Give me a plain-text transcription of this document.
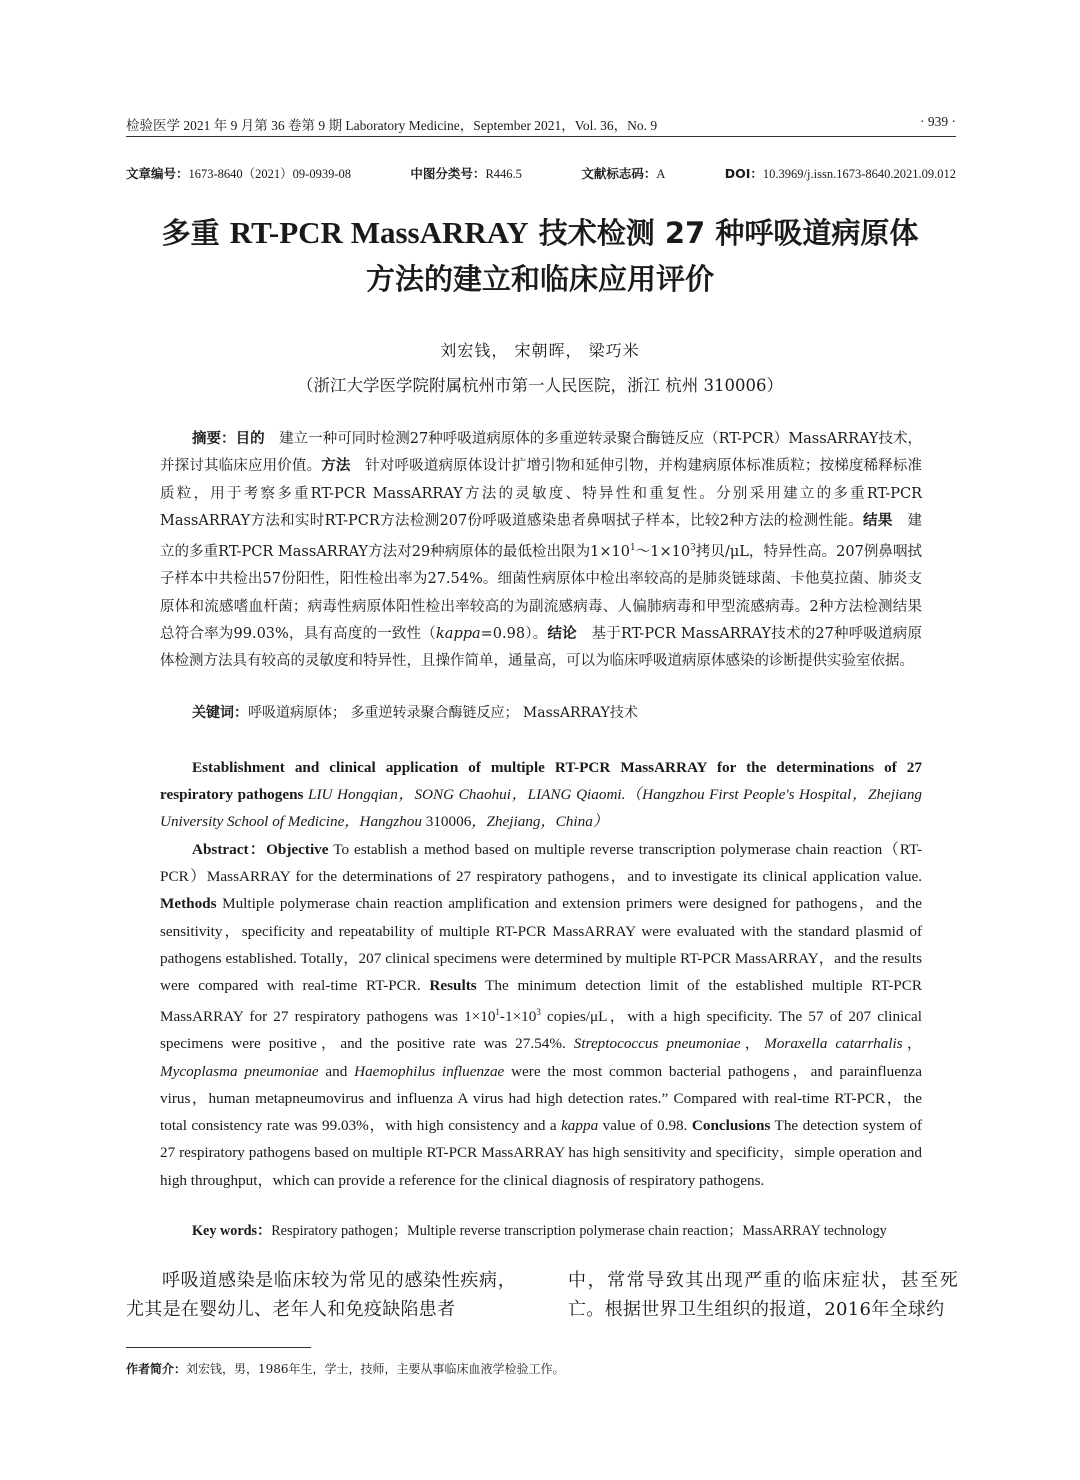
检验医学 2021 年 9 月第 36 卷第 9 期 Laboratory Medicine，September 2021，Vol. 36，No. 9	· 939 ·
文章编号：1673-8640（2021）09-0939-08	中图分类号：R446.5	文献标志码：A	DOI：10.3969/j.issn.1673-8640.2021.09.012
多重 RT-PCR MassARRAY 技术检测 27 种呼吸道病原体
方法的建立和临床应用评价
刘宏钱， 宋朝晖， 梁巧米
（浙江大学医学院附属杭州市第一人民医院，浙江 杭州 310006）
摘要：目的　建立一种可同时检测27种呼吸道病原体的多重逆转录聚合酶链反应（RT-PCR）MassARRAY技术，并探讨其临床应用价值。方法　针对呼吸道病原体设计扩增引物和延伸引物，并构建病原体标准质粒；按梯度稀释标准质粒，用于考察多重RT-PCR MassARRAY方法的灵敏度、特异性和重复性。分别采用建立的多重RT-PCR MassARRAY方法和实时RT-PCR方法检测207份呼吸道感染患者鼻咽拭子样本，比较2种方法的检测性能。结果　建立的多重RT-PCR MassARRAY方法对29种病原体的最低检出限为$1\times 10^1\sim 1\times 10^3$拷贝/μL，特异性高。207例鼻咽拭子样本中共检出57份阳性，阳性检出率为27.54%。细菌性病原体中检出率较高的是肺炎链球菌、卡他莫拉菌、肺炎支原体和流感嗜血杆菌；病毒性病原体阳性检出率较高的为副流感病毒、人偏肺病毒和甲型流感病毒。2种方法检测结果总符合率为99.03%，具有高度的一致性（kappa=0.98）。结论　基于RT-PCR MassARRAY技术的27种呼吸道病原体检测方法具有较高的灵敏度和特异性，且操作简单，通量高，可以为临床呼吸道病原体感染的诊断提供实验室依据。
关键词：呼吸道病原体； 多重逆转录聚合酶链反应； MassARRAY技术
Establishment and clinical application of multiple RT-PCR MassARRAY for the determinations of 27 respiratory pathogens LIU Hongqian，SONG Chaohui，LIANG Qiaomi.（Hangzhou First People's Hospital，Zhejiang University School of Medicine，Hangzhou 310006，Zhejiang，China）
Abstract：Objective To establish a method based on multiple reverse transcription polymerase chain reaction（RT-PCR）MassARRAY for the determinations of 27 respiratory pathogens，and to investigate its clinical application value. Methods Multiple polymerase chain reaction amplification and extension primers were designed for pathogens，and the sensitivity，specificity and repeatability of multiple RT-PCR MassARRAY were evaluated with the standard plasmid of pathogens established. Totally，207 clinical specimens were determined by multiple RT-PCR MassARRAY，and the results were compared with real-time RT-PCR. Results The minimum detection limit of the established multiple RT-PCR MassARRAY for 27 respiratory pathogens was $1\times 10^1-1\times 10^3$ copies/μL，with a high specificity. The 57 of 207 clinical specimens were positive，and the positive rate was 27.54%. Streptococcus pneumoniae，Moraxella catarrhalis，Mycoplasma pneumoniae and Haemophilus influenzae were the most common bacterial pathogens，and parainfluenza virus，human metapneumovirus and influenza A virus had high detection rates.” Compared with real-time RT-PCR，the total consistency rate was 99.03%，with high consistency and a kappa value of 0.98. Conclusions The detection system of 27 respiratory pathogens based on multiple RT-PCR MassARRAY has high sensitivity and specificity，simple operation and high throughput，which can provide a reference for the clinical diagnosis of respiratory pathogens.
Key words：Respiratory pathogen；Multiple reverse transcription polymerase chain reaction；MassARRAY technology
呼吸道感染是临床较为常见的感染性疾病，尤其是在婴幼儿、老年人和免疫缺陷患者
中，常常导致其出现严重的临床症状，甚至死亡。根据世界卫生组织的报道，2016年全球约
作者简介：刘宏钱，男，1986年生，学士，技师，主要从事临床血液学检验工作。
